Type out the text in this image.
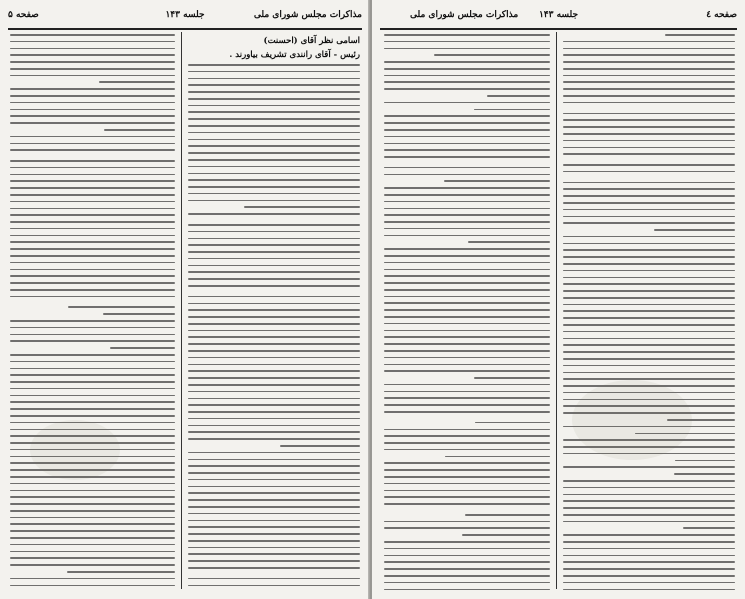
مذاکرات مجلس شورای ملی
جلسه ۱۴۳
صفحه ۵
اسامی نظر آقای (احسنت)
رئیس - آقای رانندی تشریف بیاورند .
صفحه ٤
جلسه ۱۴۳
مذاکرات مجلس شورای ملی
